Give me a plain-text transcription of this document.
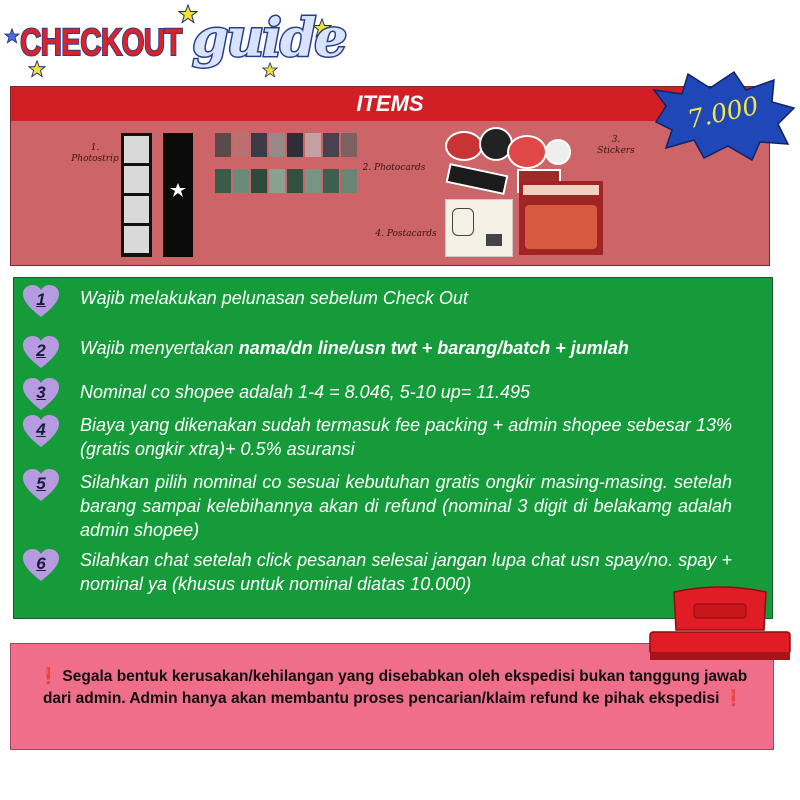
CHECKOUT guide
ITEMS
1.
Photostrip
2. Photocards
3.
Stickers
4. Postacards
7.000
1	Wajib melakukan pelunasan sebelum Check Out
2	Wajib menyertakan nama/dn line/usn twt + barang/batch + jumlah
3	Nominal co shopee adalah 1-4 = 8.046, 5-10 up= 11.495
4	Biaya yang dikenakan sudah termasuk fee packing + admin shopee sebesar 13% (gratis ongkir xtra)+ 0.5% asuransi
5	Silahkan pilih nominal co sesuai kebutuhan gratis ongkir masing-masing. setelah barang sampai kelebihannya akan di refund (nominal 3 digit di belakamg adalah admin shopee)
6	Silahkan chat setelah click pesanan selesai jangan lupa chat usn spay/no. spay + nominal ya (khusus untuk nominal diatas 10.000)
❗ Segala bentuk kerusakan/kehilangan yang disebabkan oleh ekspedisi bukan tanggung jawab dari admin. Admin hanya akan membantu proses pencarian/klaim refund ke pihak ekspedisi ❗
